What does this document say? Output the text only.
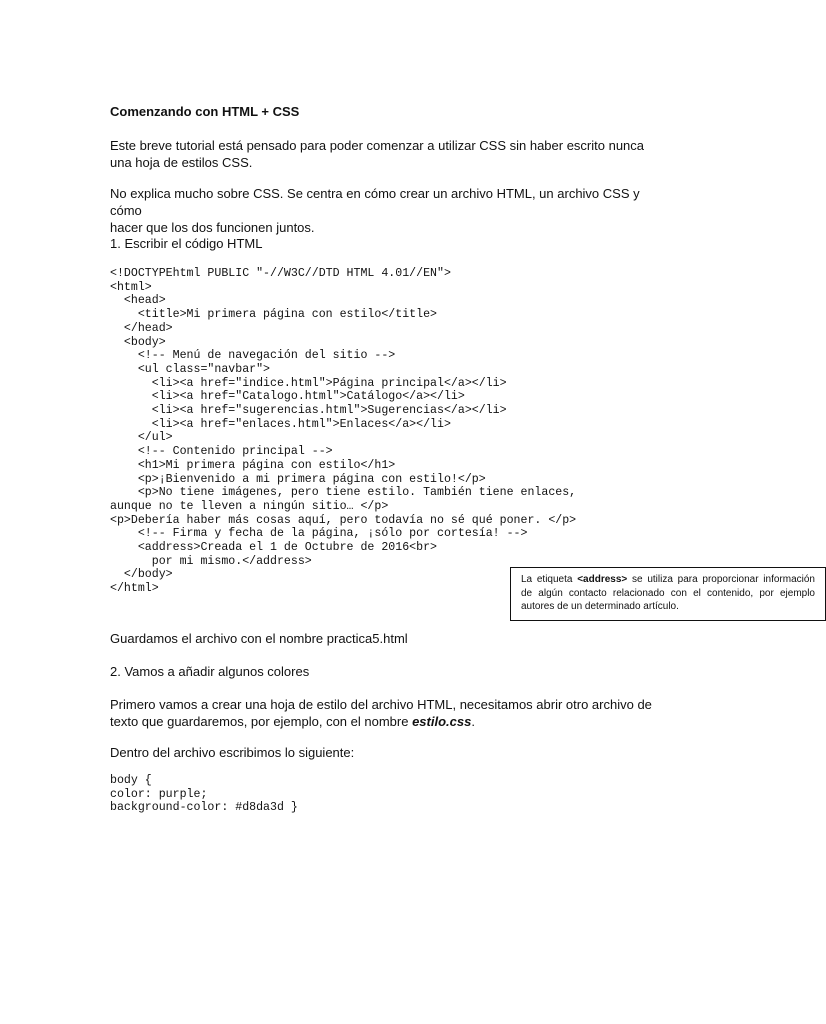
Comenzando con HTML + CSS
Este breve tutorial está pensado para poder comenzar a utilizar CSS sin haber escrito nunca
una hoja de estilos CSS.
No explica mucho sobre CSS. Se centra en cómo crear un archivo HTML, un archivo CSS y cómo
hacer que los dos funcionen juntos.
1. Escribir el código HTML
<!DOCTYPEhtml PUBLIC "-//W3C//DTD HTML 4.01//EN">
<html>
<head>
<title>Mi primera página con estilo</title>
</head>
<body>
<!-- Menú de navegación del sitio -->
<ul class="navbar">
<li><a href="indice.html">Página principal</a></li>
<li><a href="Catalogo.html">Catálogo</a></li>
<li><a href="sugerencias.html">Sugerencias</a></li>
<li><a href="enlaces.html">Enlaces</a></li>
</ul>
<!-- Contenido principal -->
<h1>Mi primera página con estilo</h1>
<p>¡Bienvenido a mi primera página con estilo!</p>
<p>No tiene imágenes, pero tiene estilo. También tiene enlaces,
aunque no te lleven a ningún sitio… </p>
<p>Debería haber más cosas aquí, pero todavía no sé qué poner. </p>
<!-- Firma y fecha de la página, ¡sólo por cortesía! -->
<address>Creada el 1 de Octubre de 2016<br>
por mi mismo.</address>
</body>
</html>
La etiqueta <address> se utiliza para proporcionar información de algún contacto relacionado con el contenido, por ejemplo autores de un determinado artículo.
Guardamos el archivo con el nombre practica5.html
2. Vamos a añadir algunos colores
Primero vamos a crear una hoja de estilo del archivo HTML, necesitamos abrir otro archivo de
texto que guardaremos, por ejemplo, con el nombre estilo.css.
Dentro del archivo escribimos lo siguiente:
body {
color: purple;
background-color: #d8da3d }
